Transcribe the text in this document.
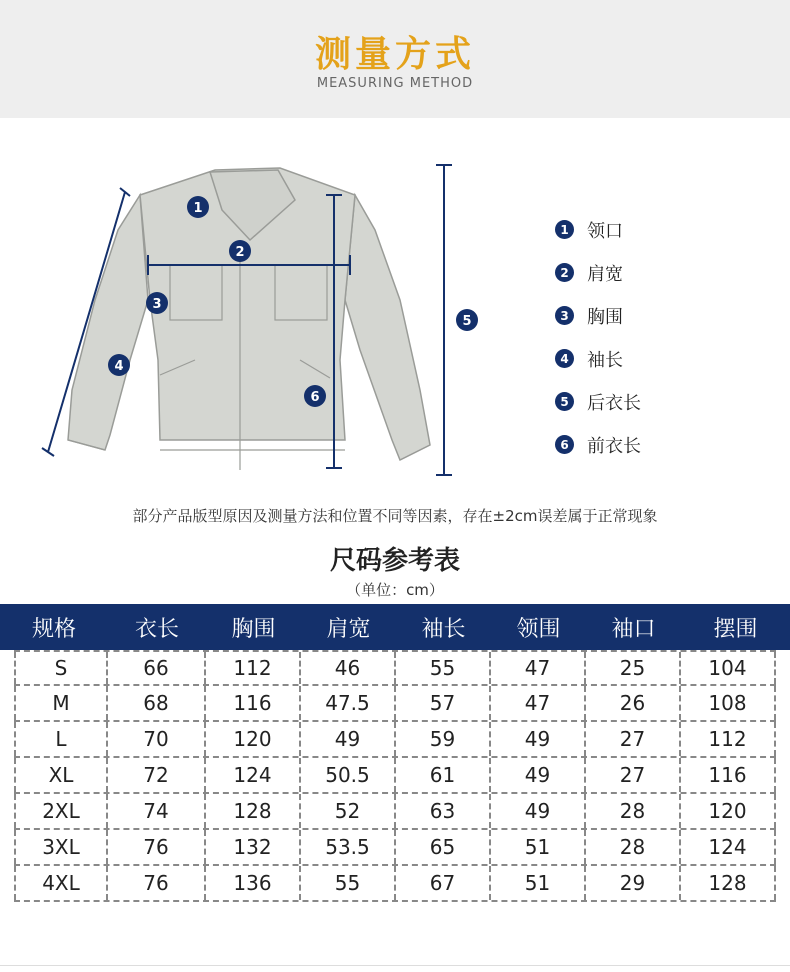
测量方式
MEASURING METHOD
1
2
3
4
5
6
1 领口
2 肩宽
3 胸围
4 袖长
5 后衣长
6 前衣长
部分产品版型原因及测量方法和位置不同等因素，存在±2cm误差属于正常现象
尺码参考表
（单位：cm）
规格	衣长	胸围	肩宽	袖长	领围	袖口	摆围
S	66	112	46	55	47	25	104
M	68	116	47.5	57	47	26	108
L	70	120	49	59	49	27	112
XL	72	124	50.5	61	49	27	116
2XL	74	128	52	63	49	28	120
3XL	76	132	53.5	65	51	28	124
4XL	76	136	55	67	51	29	128
